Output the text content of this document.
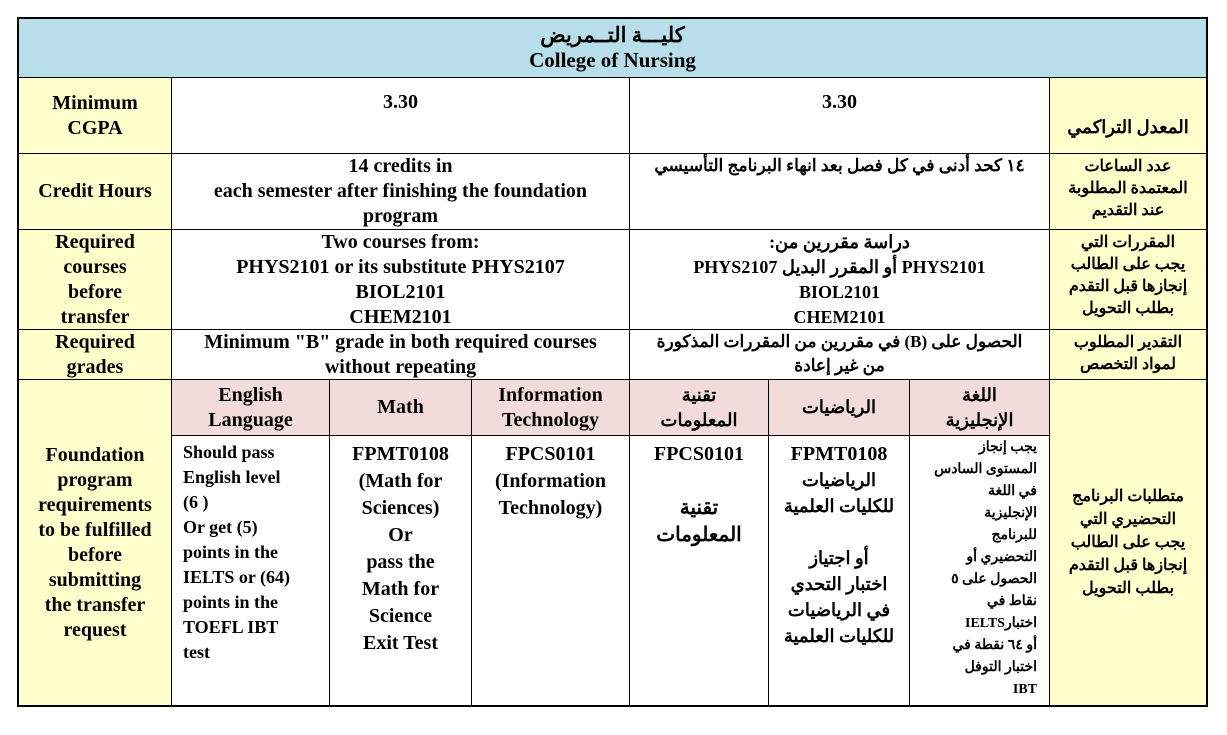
كليـــة التــمريض
College of Nursing
Minimum
CGPA
3.30	3.30
المعدل التراكمي
Credit Hours
14 credits in
each semester after finishing the foundation
program
١٤ كحد أدنى في كل فصل بعد انهاء البرنامج التأسيسي	عدد الساعات
المعتمدة المطلوبة
عند التقديم
Required
courses
before
transfer
Two courses from:
PHYS2101 or its substitute PHYS2107
BIOL2101
CHEM2101
دراسة مقررين من:
PHYS2101 أو المقرر البديل PHYS2107
BIOL2101
CHEM2101
المقررات التي
يجب على الطالب
إنجازها قبل التقدم
بطلب التحويل
Required
grades
Minimum "B" grade in both required courses
without repeating
الحصول على (B) في مقررين من المقررات المذكورة
من غير إعادة
التقدير المطلوب
لمواد التخصص
Foundation
program
requirements
to be fulfilled
before
submitting
the transfer
request
English
Language
Math
Information
Technology
تقنية
المعلومات
الرياضيات
اللغة
الإنجليزية
Should pass
English level
(6 )
Or get (5)
points in the
IELTS or (64)
points in the
TOEFL IBT
test
FPMT0108
(Math for
Sciences)
Or
pass the
Math for
Science
Exit Test
FPCS0101
(Information
Technology)
FPCS0101
تقنية
المعلومات
FPMT0108
الرياضيات
للكليات العلمية
أو اجتياز
اختبار التحدي
في الرياضيات
للكليات العلمية
يجب إنجاز
المستوى السادس
في اللغة
الإنجليزية
للبرنامج
التحضيري أو
الحصول على ٥
نقاط في
اختبارIELTS
أو ٦٤ نقطة في
اختبار التوفل
IBT
متطلبات البرنامج
التحضيري التي
يجب على الطالب
إنجازها قبل التقدم
بطلب التحويل
